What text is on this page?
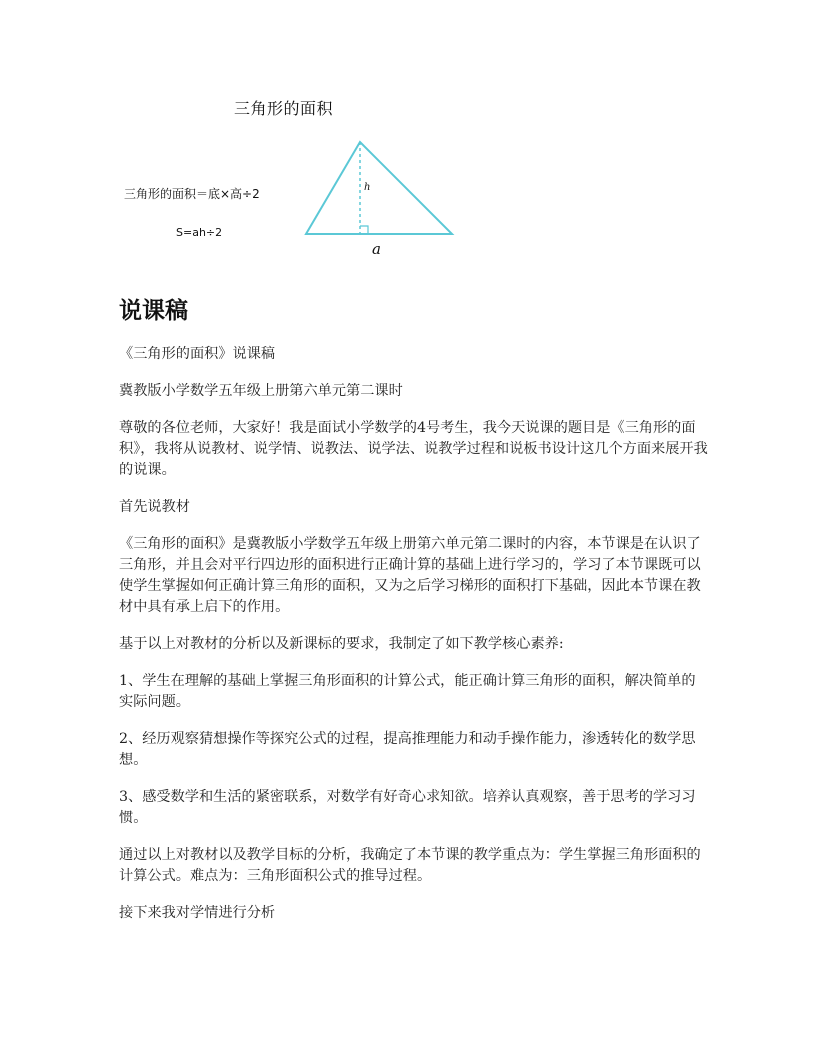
三角形的面积
三角形的面积＝底×高÷2
S=ah÷2
h
a
说课稿

《三角形的面积》说课稿

冀教版小学数学五年级上册第六单元第二课时

尊敬的各位老师，大家好！我是面试小学数学的4号考生，我今天说课的题目是《三角形的面积》，我将从说教材、说学情、说教法、说学法、说教学过程和说板书设计这几个方面来展开我的说课。

首先说教材

《三角形的面积》是冀教版小学数学五年级上册第六单元第二课时的内容，本节课是在认识了三角形，并且会对平行四边形的面积进行正确计算的基础上进行学习的，学习了本节课既可以使学生掌握如何正确计算三角形的面积，又为之后学习梯形的面积打下基础，因此本节课在教材中具有承上启下的作用。

基于以上对教材的分析以及新课标的要求，我制定了如下教学核心素养:

1、学生在理解的基础上掌握三角形面积的计算公式，能正确计算三角形的面积，解决简单的实际问题。

2、经历观察猜想操作等探究公式的过程，提高推理能力和动手操作能力，渗透转化的数学思想。

3、感受数学和生活的紧密联系，对数学有好奇心求知欲。培养认真观察，善于思考的学习习惯。

通过以上对教材以及教学目标的分析，我确定了本节课的教学重点为：学生掌握三角形面积的计算公式。难点为：三角形面积公式的推导过程。

接下来我对学情进行分析
